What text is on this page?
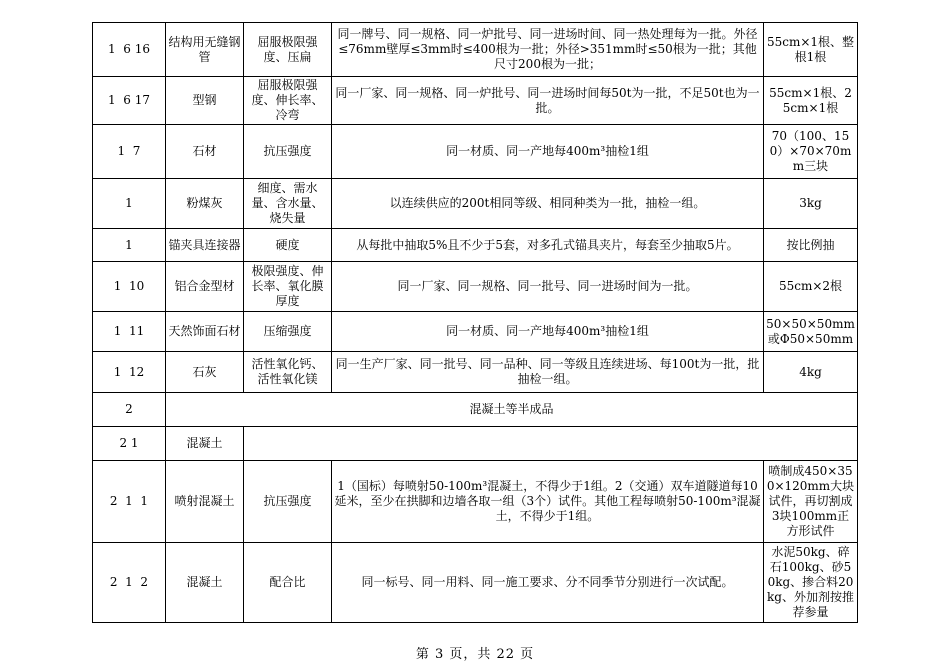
1  6 16	结构用无缝钢管	屈服极限强度、压扁	同一牌号、同一规格、同一炉批号、同一进场时间、同一热处理每为一批。外径≤76mm壁厚≤3mm时≤400根为一批；外径>351mm时≤50根为一批；其他尺寸200根为一批；	55cm×1根、整根1根
1  6 17	型钢	屈服极限强度、伸长率、冷弯	同一厂家、同一规格、同一炉批号、同一进场时间每50t为一批，不足50t也为一批。	55cm×1根、25cm×1根
1  7	石材	抗压强度	同一材质、同一产地每400m³抽检1组	70（100、150）×70×70mm三块
1	粉煤灰	细度、需水量、含水量、烧失量	以连续供应的200t相同等级、相同种类为一批，抽检一组。	3kg
1	锚夹具连接器	硬度	从每批中抽取5%且不少于5套，对多孔式锚具夹片，每套至少抽取5片。	按比例抽
1  10	铝合金型材	极限强度、伸长率、氧化膜厚度	同一厂家、同一规格、同一批号、同一进场时间为一批。	55cm×2根
1  11	天然饰面石材	压缩强度	同一材质、同一产地每400m³抽检1组	50×50×50mm或Φ50×50mm
1  12	石灰	活性氧化钙、活性氧化镁	同一生产厂家、同一批号、同一品种、同一等级且连续进场、每100t为一批，批抽检一组。	4kg
2	混凝土等半成品			
2 1	混凝土			
2  1  1	喷射混凝土	抗压强度	1（国标）每喷射50-100m³混凝土，不得少于1组。2（交通）双车道隧道每10延米，至少在拱脚和边墙各取一组（3个）试件。其他工程每喷射50-100m³混凝土，不得少于1组。	喷制成450×350×120mm大块试件，再切割成3块100mm正方形试件
2  1  2	混凝土	配合比	同一标号、同一用料、同一施工要求、分不同季节分别进行一次试配。	水泥50kg、碎石100kg、砂50kg、掺合料20kg、外加剂按推荐参量
第 3 页，共 22 页
